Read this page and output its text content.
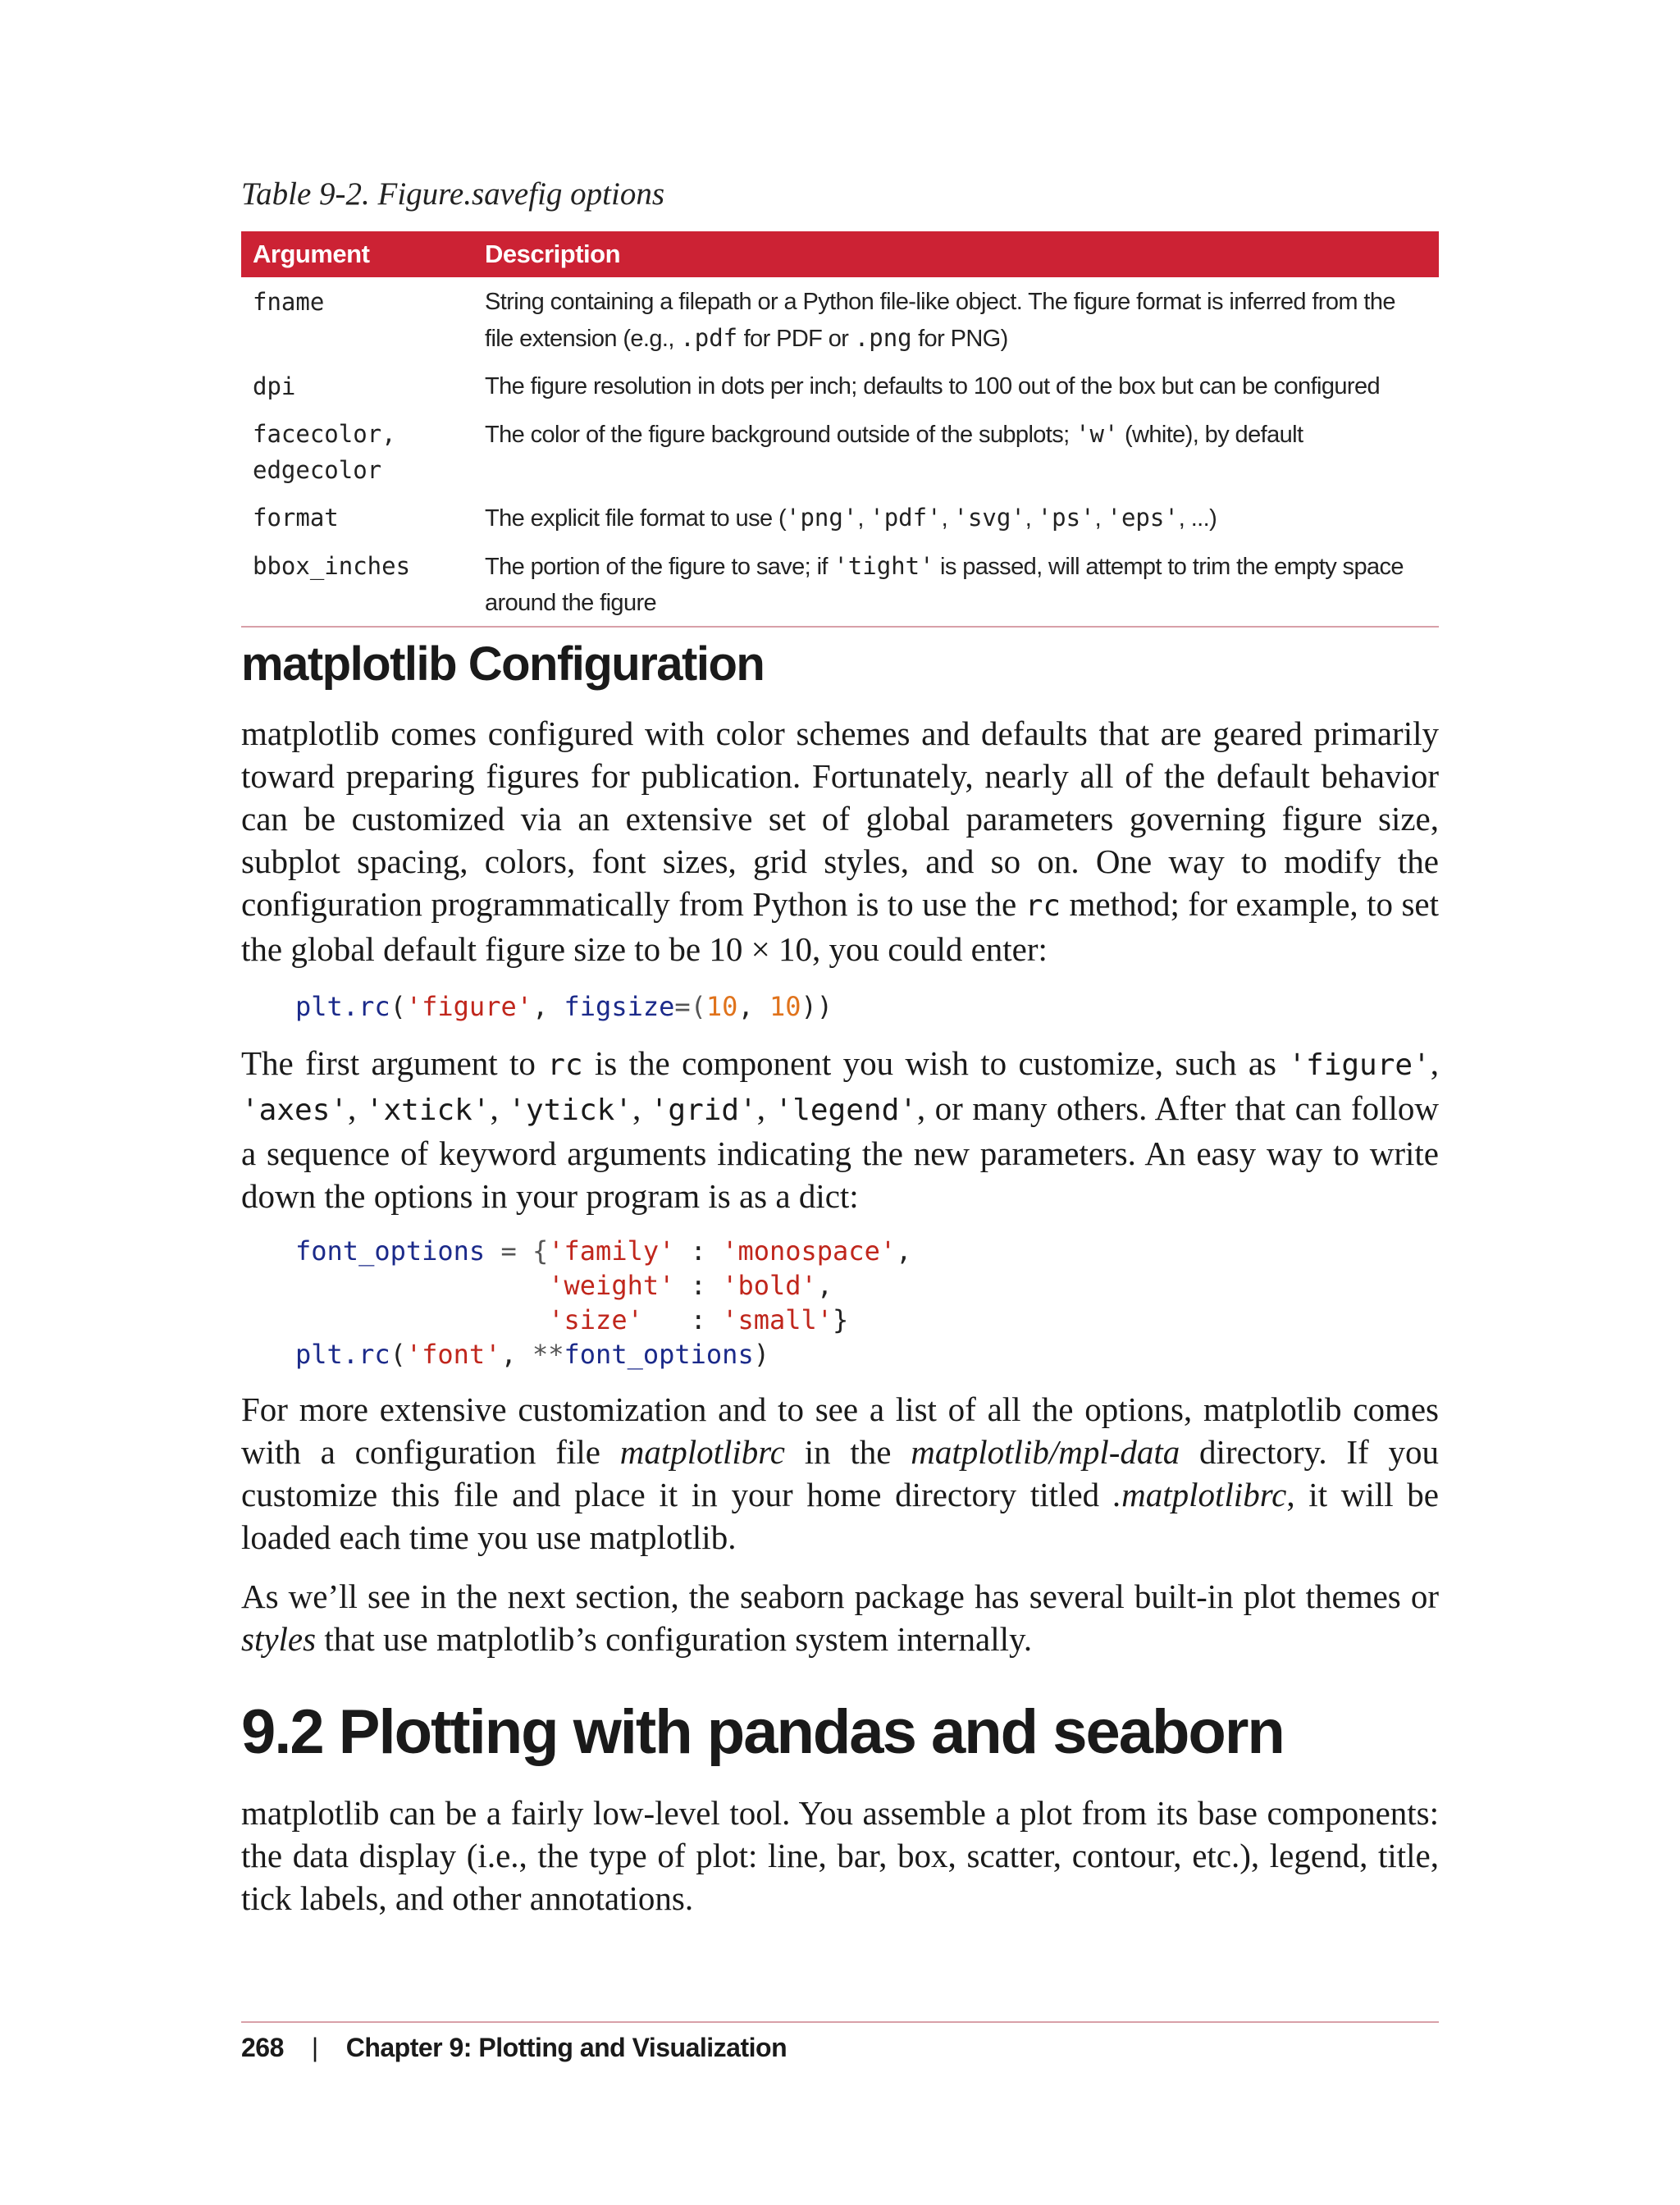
Table 9-2. Figure.savefig options
Argument	Description
fname	String containing a filepath or a Python file-like object. The figure format is inferred from the file extension (e.g., .pdf for PDF or .png for PNG)
dpi	The figure resolution in dots per inch; defaults to 100 out of the box but can be configured
facecolor,
edgecolor	The color of the figure background outside of the subplots; 'w' (white), by default
format	The explicit file format to use ('png', 'pdf', 'svg', 'ps', 'eps', ...)
bbox_inches	The portion of the figure to save; if 'tight' is passed, will attempt to trim the empty space around the figure
matplotlib Configuration

matplotlib comes configured with color schemes and defaults that are geared primarily toward preparing figures for publication. Fortunately, nearly all of the default behavior can be customized via an extensive set of global parameters governing figure size, subplot spacing, colors, font sizes, grid styles, and so on. One way to modify the configuration programmatically from Python is to use the rc method; for example, to set the global default figure size to be 10 × 10, you could enter:

plt.rc('figure', figsize=(10, 10))

The first argument to rc is the component you wish to customize, such as 'figure', 'axes', 'xtick', 'ytick', 'grid', 'legend', or many others. After that can follow a sequence of keyword arguments indicating the new parameters. An easy way to write down the options in your program is as a dict:

font_options = {'family' : 'monospace',
'weight' : 'bold',
'size'   : 'small'}
plt.rc('font', **font_options)

For more extensive customization and to see a list of all the options, matplotlib comes with a configuration file matplotlibrc in the matplotlib/mpl-data directory. If you customize this file and place it in your home directory titled .matplotlibrc, it will be loaded each time you use matplotlib.

As we’ll see in the next section, the seaborn package has several built-in plot themes or styles that use matplotlib’s configuration system internally.

9.2 Plotting with pandas and seaborn

matplotlib can be a fairly low-level tool. You assemble a plot from its base components: the data display (i.e., the type of plot: line, bar, box, scatter, contour, etc.), legend, title, tick labels, and other annotations.

268 | Chapter 9: Plotting and Visualization
